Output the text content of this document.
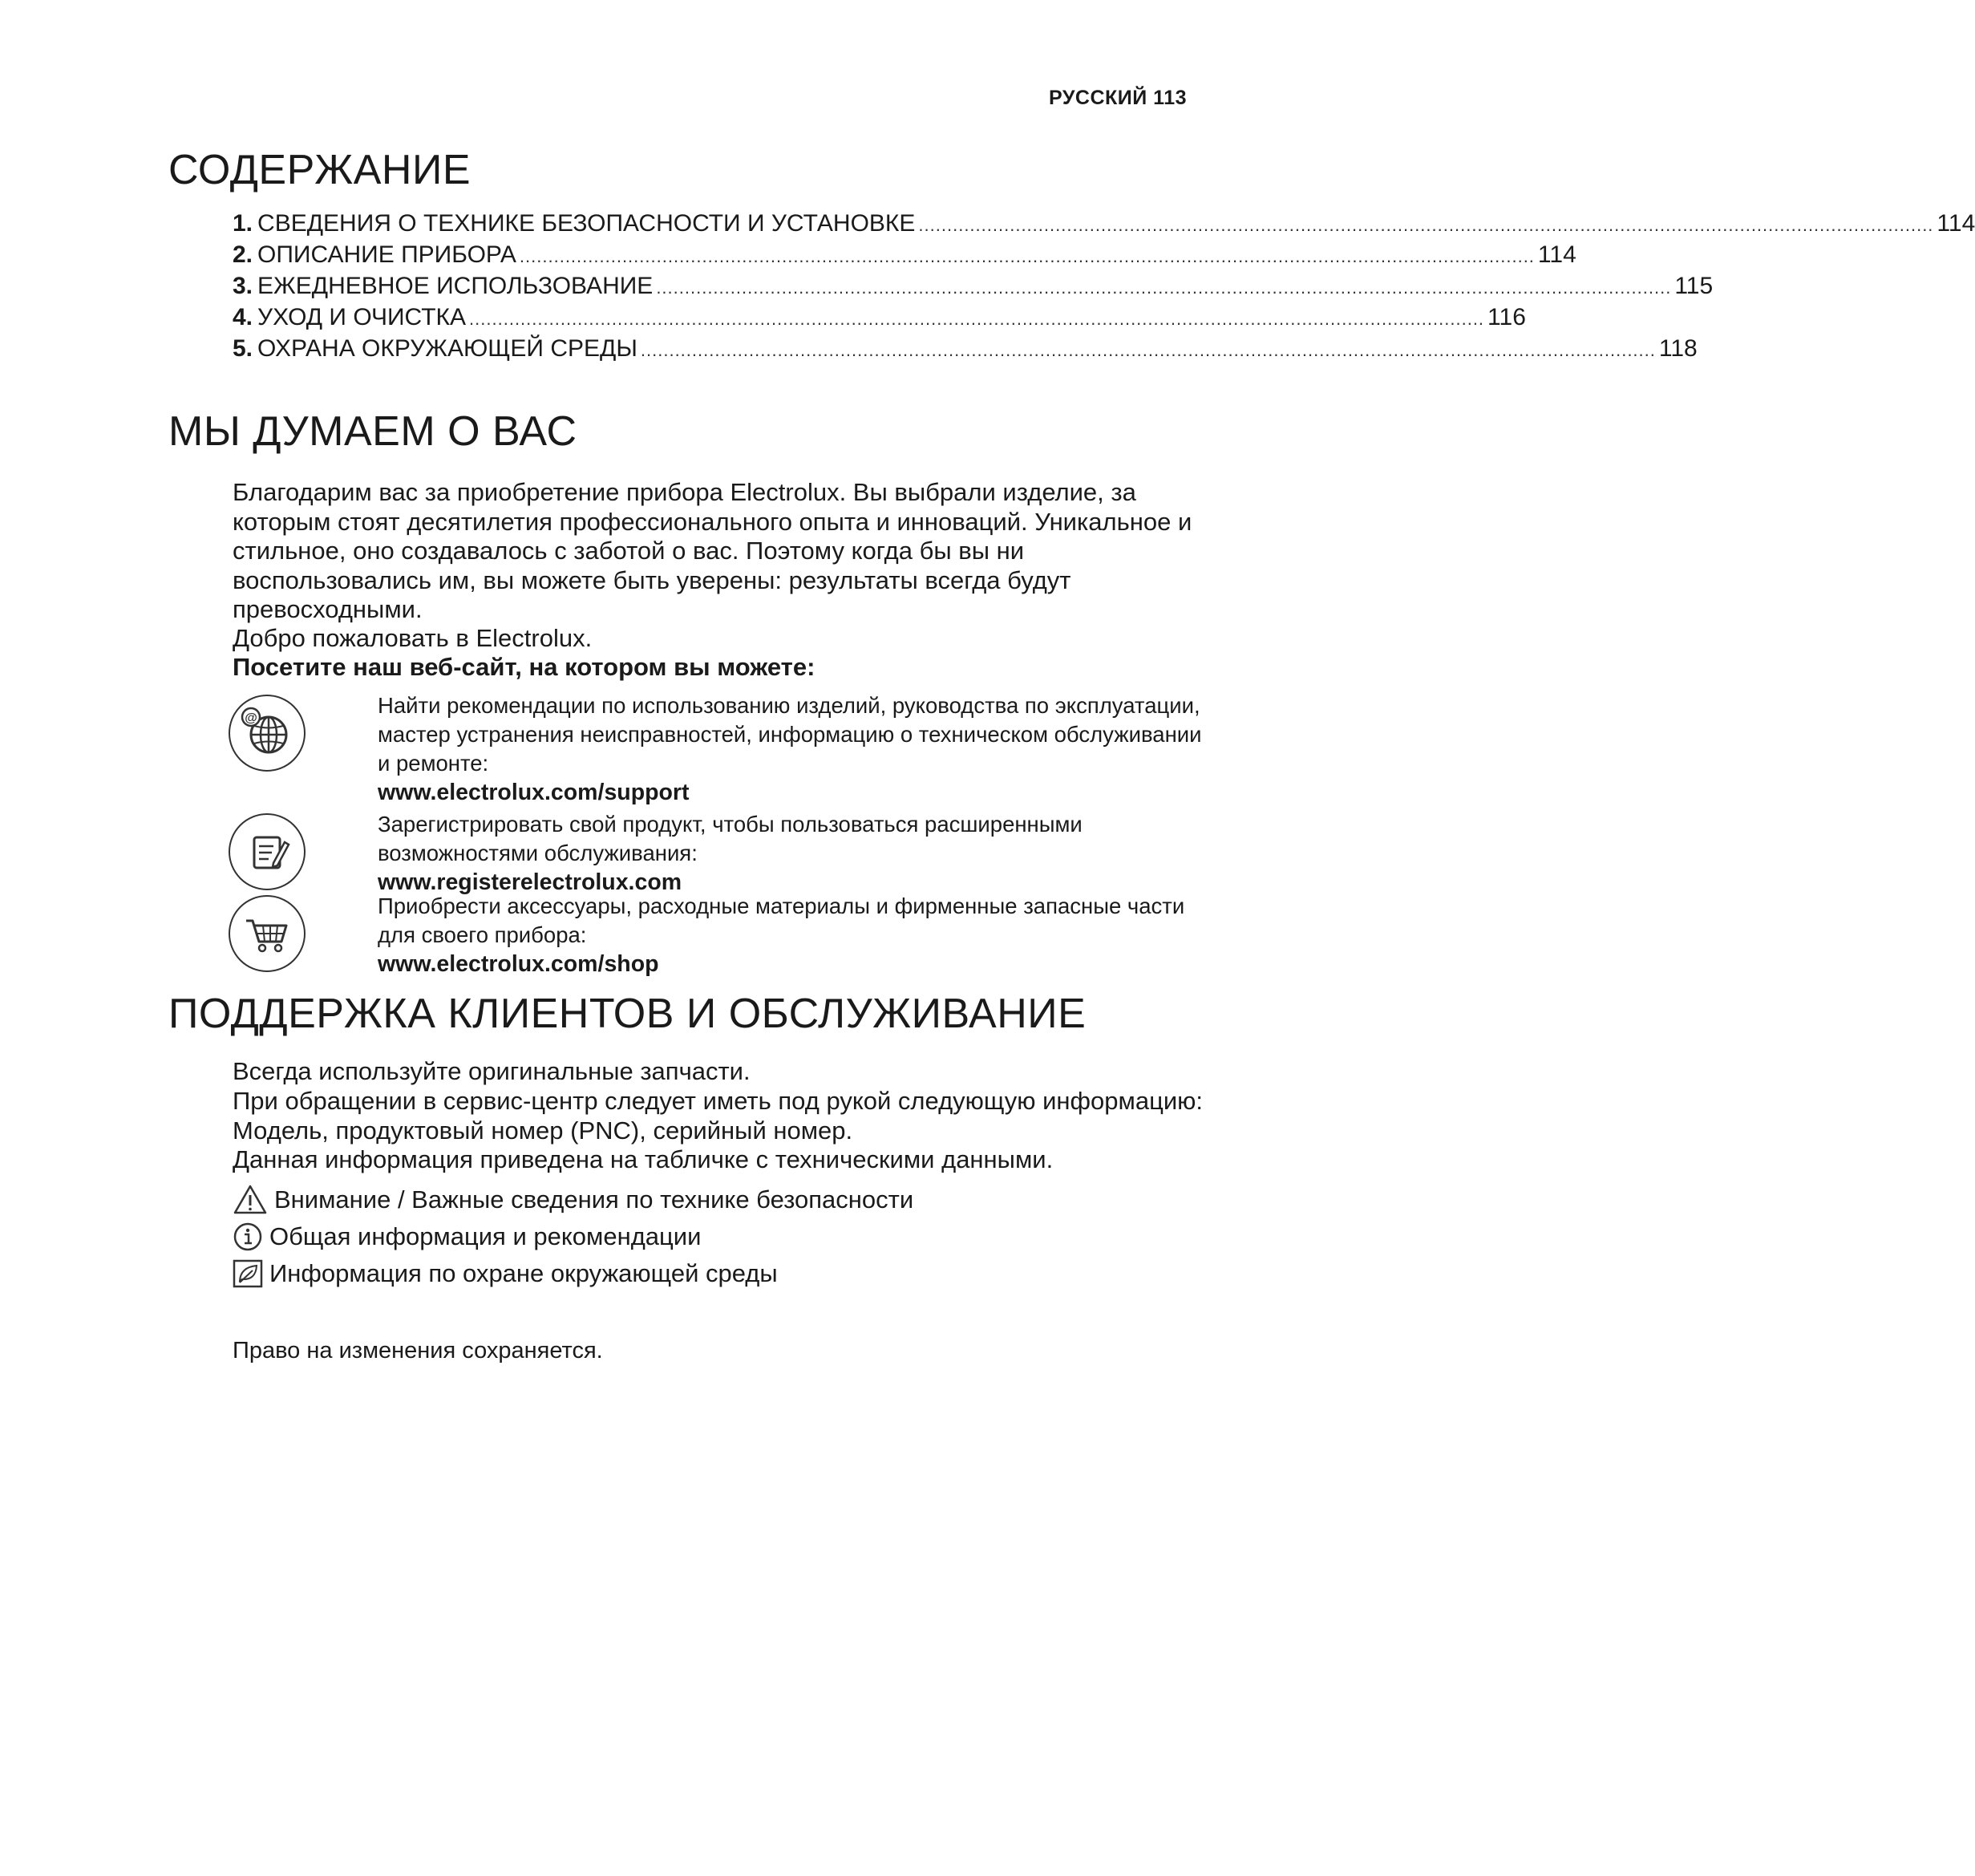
РУССКИЙ 113
СОДЕРЖАНИЕ
1. СВЕДЕНИЯ О ТЕХНИКЕ БЕЗОПАСНОСТИ И УСТАНОВКЕ .................................................................................................................................................................................. 114
2. ОПИСАНИЕ ПРИБОРА .................................................................................................................................................................................. 114
3. ЕЖЕДНЕВНОЕ ИСПОЛЬЗОВАНИЕ .................................................................................................................................................................................. 115
4. УХОД И ОЧИСТКА .................................................................................................................................................................................. 116
5. ОХРАНА ОКРУЖАЮЩЕЙ СРЕДЫ .................................................................................................................................................................................. 118
МЫ ДУМАЕМ О ВАС

Благодарим вас за приобретение прибора Electrolux. Вы выбрали изделие, за которым стоят десятилетия профессионального опыта и инноваций. Уникальное и стильное, оно создавалось с заботой о вас. Поэтому когда бы вы ни воспользовались им, вы можете быть уверены: результаты всегда будут превосходными.

Добро пожаловать в Electrolux.

Посетите наш веб-сайт, на котором вы можете:

@
Найти рекомендации по использованию изделий, руководства по эксплуатации, мастер устранения неисправностей, информацию о техническом обслуживании и ремонте:
www.electrolux.com/support
Зарегистрировать свой продукт, чтобы пользоваться расширенными возможностями обслуживания:
www.registerelectrolux.com
Приобрести аксессуары, расходные материалы и фирменные запасные части для своего прибора:
www.electrolux.com/shop
ПОДДЕРЖКА КЛИЕНТОВ И ОБСЛУЖИВАНИЕ

Всегда используйте оригинальные запчасти.

При обращении в сервис-центр следует иметь под рукой следующую информацию: Модель, продуктовый номер (PNC), серийный номер.

Данная информация приведена на табличке с техническими данными.

Внимание / Важные сведения по технике безопасности
Общая информация и рекомендации
Информация по охране окружающей среды

Право на изменения сохраняется.
